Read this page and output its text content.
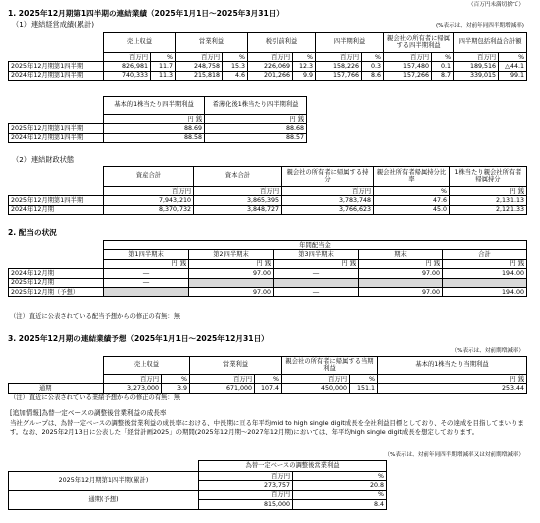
（百万円未満切捨て）
1. 2025年12月期第1四半期の連結業績（2025年1月1日～2025年3月31日）
（1）連結経営成績(累計)	(%表示は、対前年同四半期増減率)
	売上収益		営業利益		税引前利益		四半期利益		親会社の所有者に帰属する四半期利益		四半期包括利益合計額	
	百万円	%	百万円	%	百万円	%	百万円	%	百万円	%	百万円	%
2025年12月期第1四半期	826,981	11.7	248,758	15.3	226,069	12.3	158,226	0.3	157,480	0.1	189,516	△44.1
2024年12月期第1四半期	740,333	11.3	215,818	4.6	201,266	9.9	157,766	8.6	157,266	8.7	339,015	99.1
	基本的1株当たり四半期利益	希薄化後1株当たり四半期利益
	円 銭	円 銭
2025年12月期第1四半期	88.69	88.68
2024年12月期第1四半期	88.58	88.57
（2）連結財政状態
	資産合計	資本合計	親会社の所有者に帰属する持分	親会社所有者帰属持分比率	1株当たり親会社所有者帰属持分
	百万円	百万円	百万円	%	円 銭
2025年12月期第1四半期	7,943,210	3,865,395	3,783,748	47.6	2,131.13
2024年12月期	8,370,732	3,848,727	3,766,623	45.0	2,121.33
2. 配当の状況
	年間配当金				
	第1四半期末	第2四半期末	第3四半期末	期末	合計
	円 銭	円 銭	円 銭	円 銭	円 銭
2024年12月期	―	97.00	―	97.00	194.00
2025年12月期	―				
2025年12月期（予想）		97.00	―	97.00	194.00
（注）直近に公表されている配当予想からの修正の有無：無
3. 2025年12月期の連結業績予想（2025年1月1日～2025年12月31日）
（%表示は、対前期増減率）
	売上収益		営業利益		親会社の所有者に帰属する当期利益		基本的1株当たり当期利益
	百万円	%	百万円	%	百万円	%	円 銭
通期	3,273,000	3.9	671,000	107.4	450,000	151.1	253.44
（注）直近に公表されている業績予想からの修正の有無：無
[追加情報]為替一定ベースの調整後営業利益の成長率
当社グループは、為替一定ベースの調整後営業利益の成長率における、中長期に亘る年平均mid to high single digit成長を全社利益目標としており、その達成を目指してまいります。なお、2025年2月13日に公表した「経営計画2025」の期間(2025年12月期～2027年12月期)においては、年平均high single digit成長を想定しております。
（%表示は、対前年同四半期増減率又は対前期増減率）
	為替一定ベースの調整後営業利益	
2025年12月期第1四半期(累計)	百万円	%
	273,757	20.8
通期(予想)	百万円	%
	815,000	8.4
